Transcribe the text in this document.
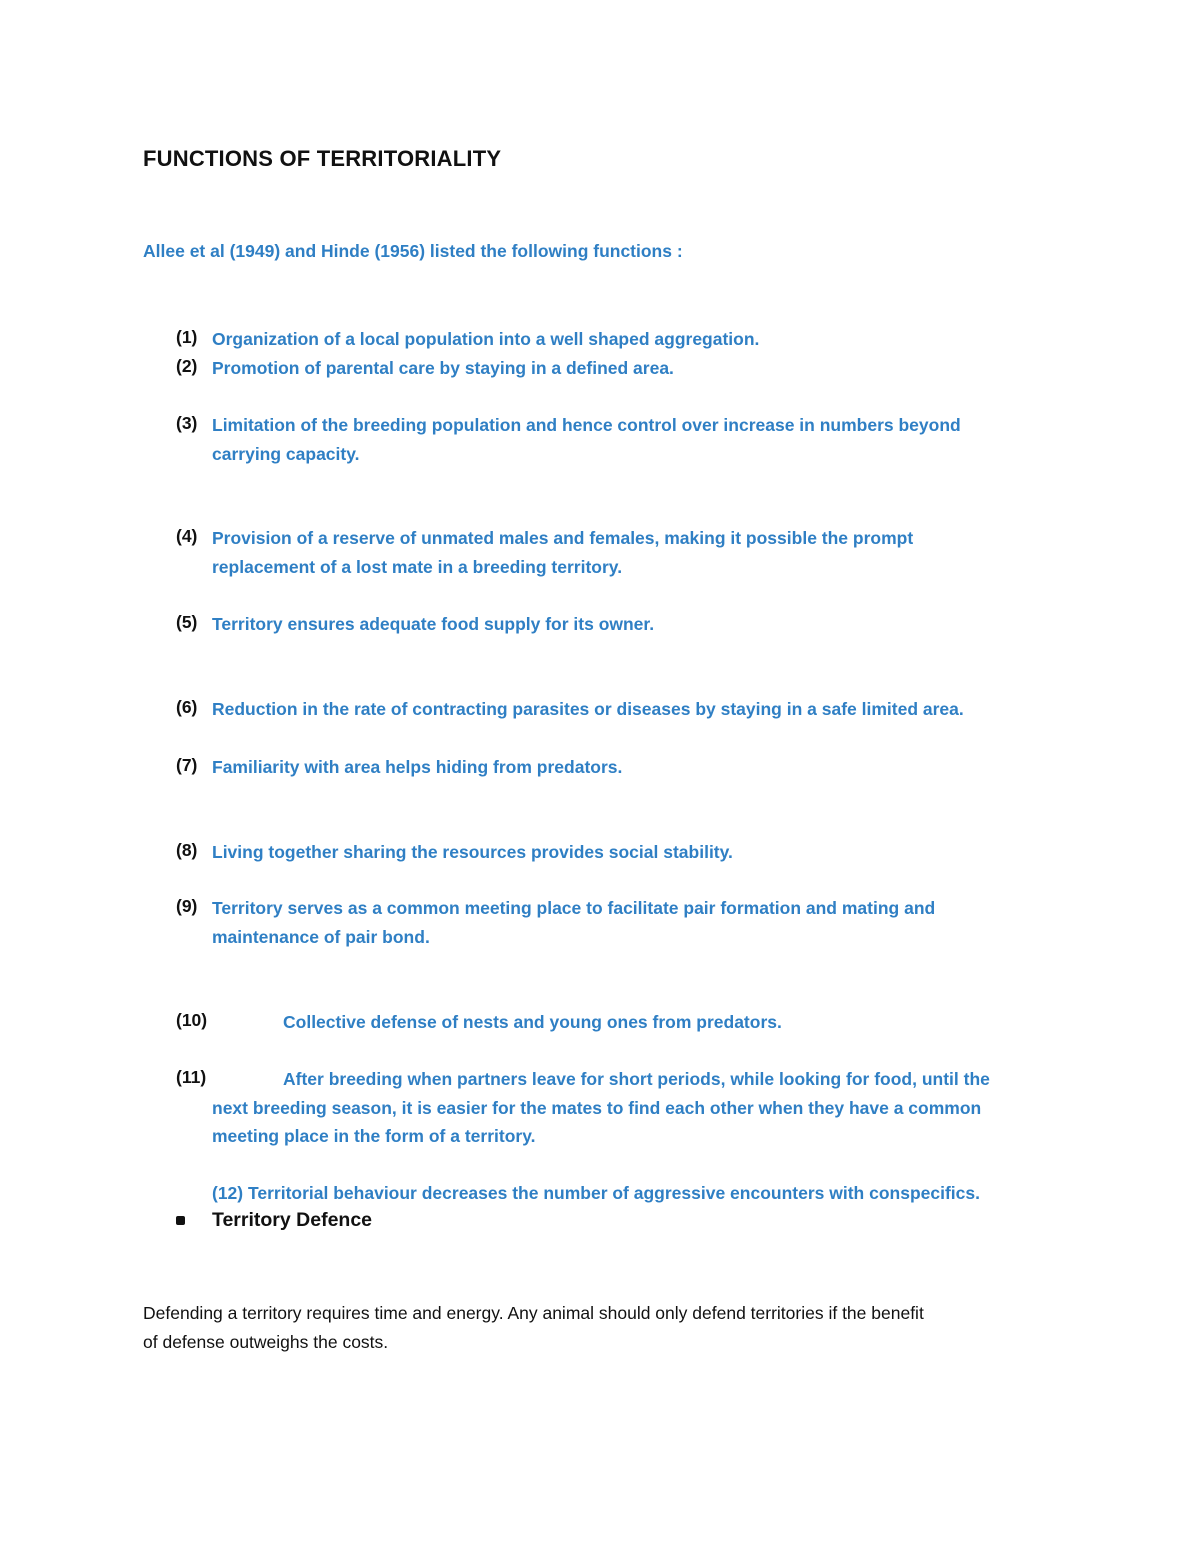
FUNCTIONS OF TERRITORIALITY
Allee et al (1949) and Hinde (1956) listed the following functions :
(1) Organization of a local population into a well shaped aggregation.
(2) Promotion of parental care by staying in a defined area.
(3) Limitation of the breeding population and hence control over increase in numbers beyond
carrying capacity.
(4) Provision of a reserve of unmated males and females, making it possible the prompt
replacement of a lost mate in a breeding territory.
(5) Territory ensures adequate food supply for its owner.
(6) Reduction in the rate of contracting parasites or diseases by staying in a safe limited area.
(7) Familiarity with area helps hiding from predators.
(8) Living together sharing the resources provides social stability.
(9) Territory serves as a common meeting place to facilitate pair formation and mating and
maintenance of pair bond.
(10)	Collective defense of nests and young ones from predators.
(11)	After breeding when partners leave for short periods, while looking for food, until the
next breeding season, it is easier for the mates to find each other when they have a common
meeting place in the form of a territory.
(12) Territorial behaviour decreases the number of aggressive encounters with conspecifics.
Territory Defence
Defending a territory requires time and energy. Any animal should only defend territories if the benefit
of defense outweighs the costs.
